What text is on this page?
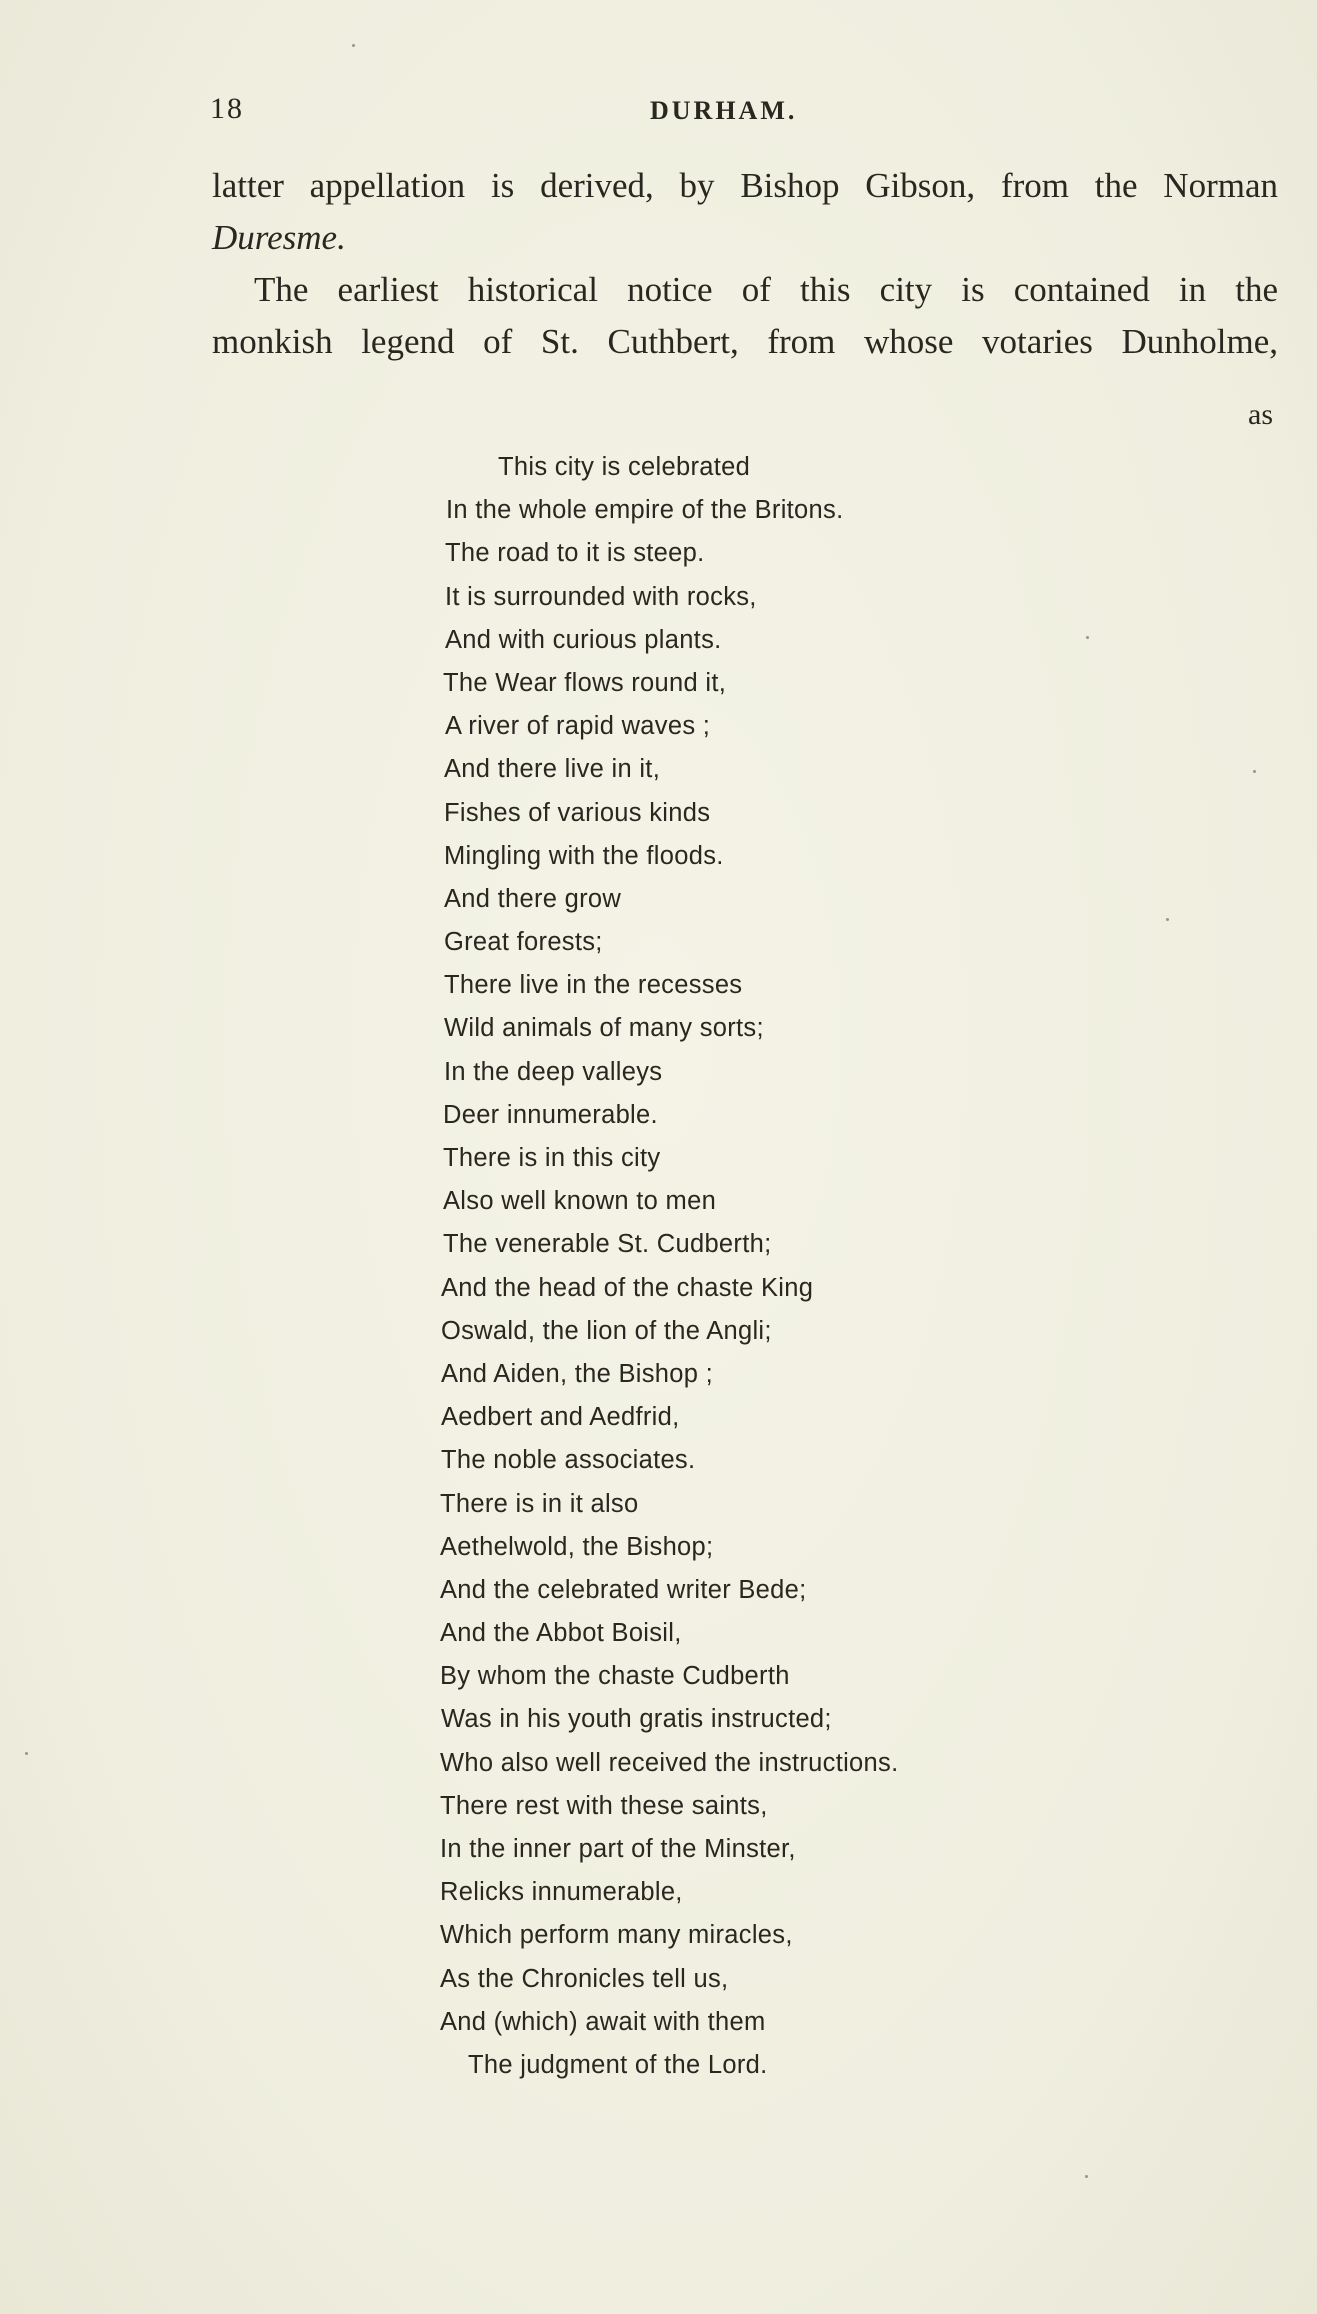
18	DURHAM.

latter appellation is derived, by Bishop Gibson, from the Norman

Duresme.

The earliest historical notice of this city is contained in the

monkish legend of St. Cuthbert, from whose votaries Dunholme,

as
This city is celebrated
In the whole empire of the Britons.
The road to it is steep.
It is surrounded with rocks,
And with curious plants.
The Wear flows round it,
A river of rapid waves ;
And there live in it,
Fishes of various kinds
Mingling with the floods.
And there grow
Great forests;
There live in the recesses
Wild animals of many sorts;
In the deep valleys
Deer innumerable.
There is in this city
Also well known to men
The venerable St. Cudberth;
And the head of the chaste King
Oswald, the lion of the Angli;
And Aiden, the Bishop ;
Aedbert and Aedfrid,
The noble associates.
There is in it also
Aethelwold, the Bishop;
And the celebrated writer Bede;
And the Abbot Boisil,
By whom the chaste Cudberth
Was in his youth gratis instructed;
Who also well received the instructions.
There rest with these saints,
In the inner part of the Minster,
Relicks innumerable,
Which perform many miracles,
As the Chronicles tell us,
And (which) await with them
The judgment of the Lord.
